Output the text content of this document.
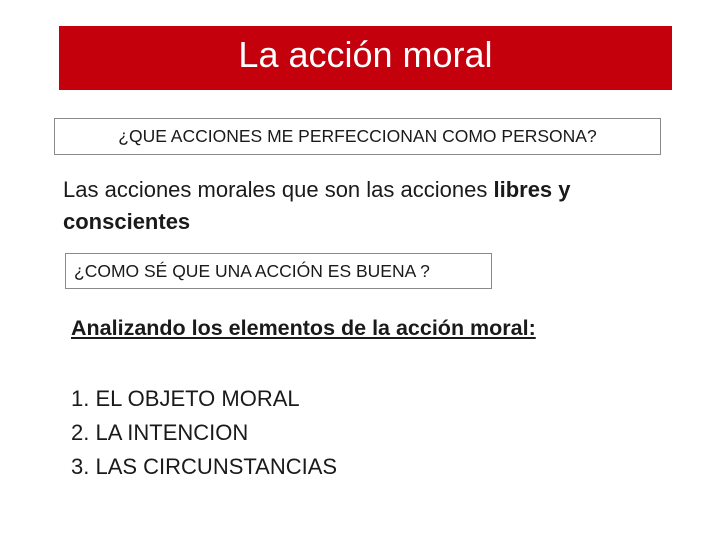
La acción moral
¿QUE ACCIONES ME PERFECCIONAN COMO PERSONA?
Las acciones morales que son las acciones libres y conscientes
¿COMO SÉ QUE UNA ACCIÓN ES BUENA ?
Analizando los elementos de la acción moral:
1. EL OBJETO MORAL
2. LA INTENCION
3. LAS CIRCUNSTANCIAS
